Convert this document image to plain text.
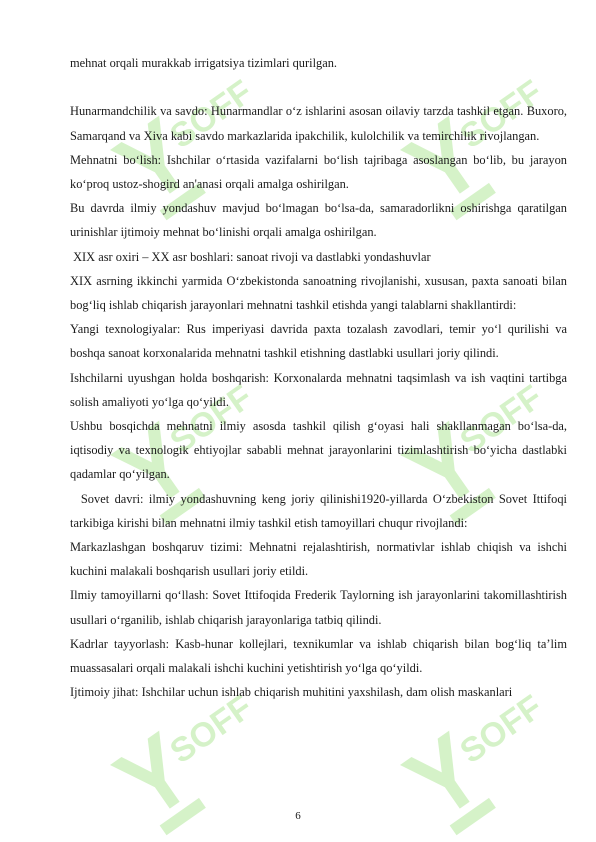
SOFF

mehnat orqali murakkab irrigatsiya tizimlari qurilgan.

Hunarmandchilik va savdo: Hunarmandlar o‘z ishlarini asosan oilaviy tarzda tashkil etgan. Buxoro, Samarqand va Xiva kabi savdo markazlarida ipakchilik, kulolchilik va temirchilik rivojlangan.

Mehnatni bo‘lish: Ishchilar o‘rtasida vazifalarni bo‘lish tajribaga asoslangan bo‘lib, bu jarayon ko‘proq ustoz-shogird an'anasi orqali amalga oshirilgan.

Bu davrda ilmiy yondashuv mavjud bo‘lmagan bo‘lsa-da, samaradorlikni oshirishga qaratilgan urinishlar ijtimoiy mehnat bo‘linishi orqali amalga oshirilgan.

XIX asr oxiri – XX asr boshlari: sanoat rivoji va dastlabki yondashuvlar

XIX asrning ikkinchi yarmida O‘zbekistonda sanoatning rivojlanishi, xususan, paxta sanoati bilan bog‘liq ishlab chiqarish jarayonlari mehnatni tashkil etishda yangi talablarni shakllantirdi:

Yangi texnologiyalar: Rus imperiyasi davrida paxta tozalash zavodlari, temir yo‘l qurilishi va boshqa sanoat korxonalarida mehnatni tashkil etishning dastlabki usullari joriy qilindi.

Ishchilarni uyushgan holda boshqarish: Korxonalarda mehnatni taqsimlash va ish vaqtini tartibga solish amaliyoti yo‘lga qo‘yildi.

Ushbu bosqichda mehnatni ilmiy asosda tashkil qilish g‘oyasi hali shakllanmagan bo‘lsa-da, iqtisodiy va texnologik ehtiyojlar sababli mehnat jarayonlarini tizimlashtirish bo‘yicha dastlabki qadamlar qo‘yilgan.

Sovet davri: ilmiy yondashuvning keng joriy qilinishi1920-yillarda O‘zbekiston Sovet Ittifoqi tarkibiga kirishi bilan mehnatni ilmiy tashkil etish tamoyillari chuqur rivojlandi:

Markazlashgan boshqaruv tizimi: Mehnatni rejalashtirish, normativlar ishlab chiqish va ishchi kuchini malakali boshqarish usullari joriy etildi.

Ilmiy tamoyillarni qo‘llash: Sovet Ittifoqida Frederik Taylorning ish jarayonlarini takomillashtirish usullari o‘rganilib, ishlab chiqarish jarayonlariga tatbiq qilindi.

Kadrlar tayyorlash: Kasb-hunar kollejlari, texnikumlar va ishlab chiqarish bilan bog‘liq ta’lim muassasalari orqali malakali ishchi kuchini yetishtirish yo‘lga qo‘yildi.

Ijtimoiy jihat: Ishchilar uchun ishlab chiqarish muhitini yaxshilash, dam olish maskanlari

6
